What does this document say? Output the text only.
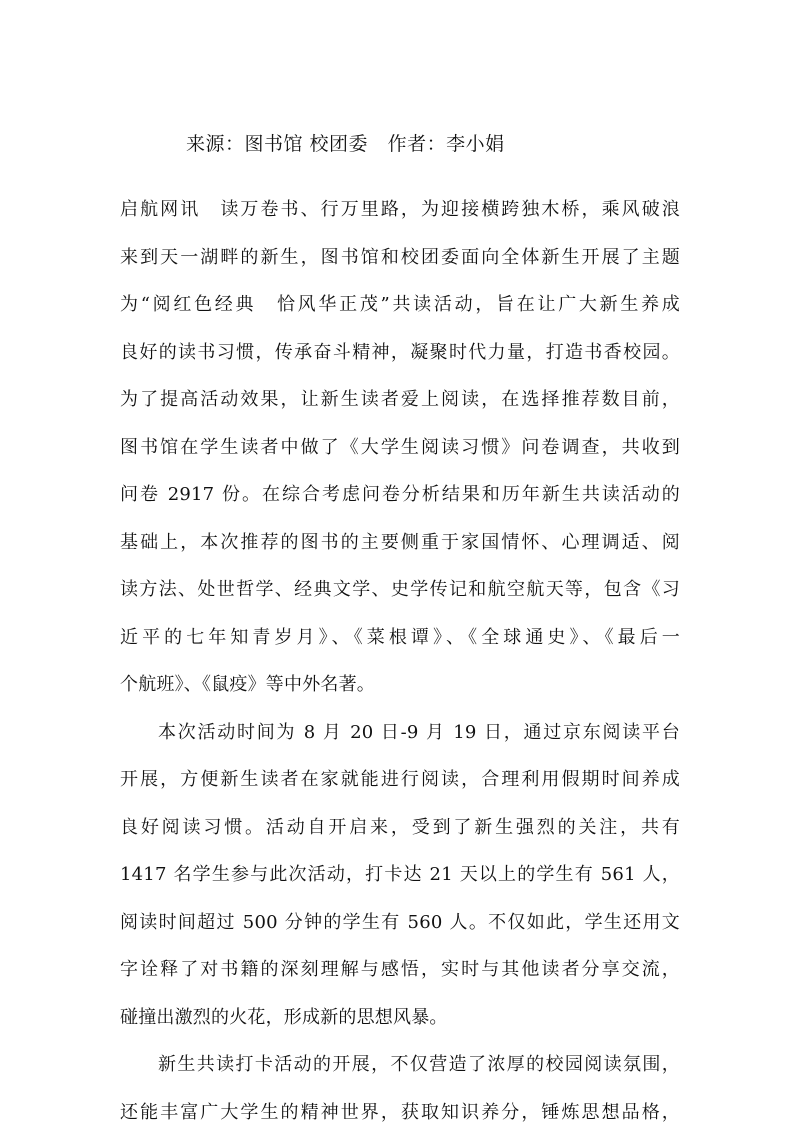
来源：图书馆 校团委　 作者：李小娟
启航网讯　读万卷书、行万里路，为迎接横跨独木桥，乘风破浪
来到天一湖畔的新生，图书馆和校团委面向全体新生开展了主题
为“阅红色经典　恰风华正茂”共读活动，旨在让广大新生养成
良好的读书习惯，传承奋斗精神，凝聚时代力量，打造书香校园。
为了提高活动效果，让新生读者爱上阅读，在选择推荐数目前，
图书馆在学生读者中做了《大学生阅读习惯》问卷调查，共收到
问卷 2917 份。在综合考虑问卷分析结果和历年新生共读活动的
基础上，本次推荐的图书的主要侧重于家国情怀、心理调适、阅
读方法、处世哲学、经典文学、史学传记和航空航天等，包含《习
近平的七年知青岁月》、《菜根谭》、《全球通史》、《最后一
个航班》、《鼠疫》等中外名著。
本次活动时间为 8 月 20 日-9 月 19 日，通过京东阅读平台
开展，方便新生读者在家就能进行阅读，合理利用假期时间养成
良好阅读习惯。活动自开启来，受到了新生强烈的关注，共有
1417 名学生参与此次活动，打卡达 21 天以上的学生有 561 人，
阅读时间超过 500 分钟的学生有 560 人。不仅如此，学生还用文
字诠释了对书籍的深刻理解与感悟，实时与其他读者分享交流，
碰撞出激烈的火花，形成新的思想风暴。
新生共读打卡活动的开展，不仅营造了浓厚的校园阅读氛围，
还能丰富广大学生的精神世界，获取知识养分，锤炼思想品格，
